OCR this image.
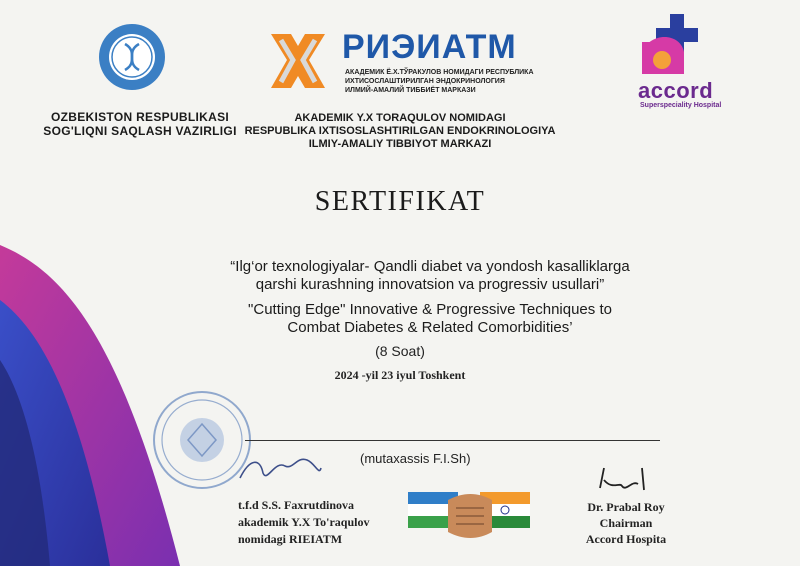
OZBEKISTON RESPUBLIKASI
SOG'LIQNI SAQLASH VAZIRLIGI
РИЭИАТМ
АКАДЕМИК Ё.Х.ТЎРАКУЛОВ НОМИДАГИ РЕСПУБЛИКА
ИХТИСОСЛАШТИРИЛГАН ЭНДОКРИНОЛОГИЯ
ИЛМИЙ-АМАЛИЙ ТИББИЁТ МАРКАЗИ
AKADEMIK Y.X TORAQULOV NOMIDAGI
RESPUBLIKA IXTISOSLASHTIRILGAN ENDOKRINOLOGIYA
ILMIY-AMALIY TIBBIYOT MARKAZI
accord
Superspeciality Hospital
SERTIFIKAT
“Ilg‘or texnologiyalar- Qandli diabet va yondosh kasalliklarga
qarshi kurashning innovatsion va progressiv usullari”
"Cutting Edge" Innovative & Progressive Techniques to
Combat Diabetes & Related Comorbidities’
(8 Soat)
2024 -yil 23 iyul Toshkent
(mutaxassis F.I.Sh)
t.f.d S.S. Faxrutdinova
akademik Y.X To'raqulov
nomidagi RIEIATM
Dr. Prabal Roy
Chairman
Accord Hospita
